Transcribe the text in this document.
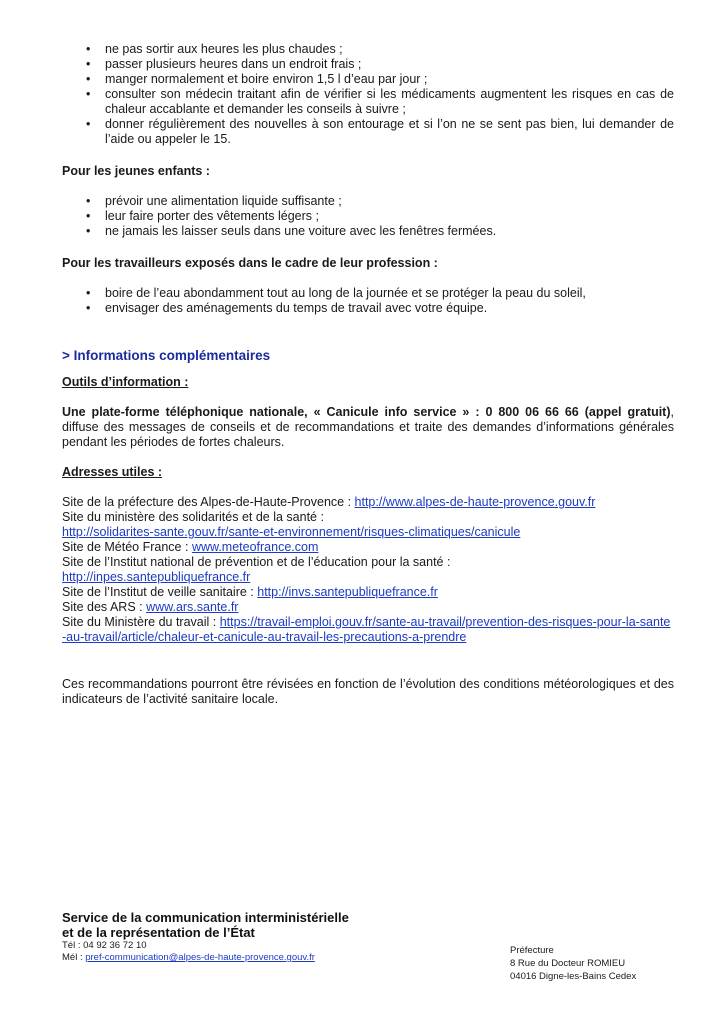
• ne pas sortir aux heures les plus chaudes ;
• passer plusieurs heures dans un endroit frais ;
• manger normalement et boire environ 1,5 l d’eau par jour ;
• consulter son médecin traitant afin de vérifier si les médicaments augmentent les risques en cas de chaleur accablante et demander les conseils à suivre ;
• donner régulièrement des nouvelles à son entourage et si l’on ne se sent pas bien, lui demander de l’aide ou appeler le 15.
Pour les jeunes enfants :
• prévoir une alimentation liquide suffisante ;
• leur faire porter des vêtements légers ;
• ne jamais les laisser seuls dans une voiture avec les fenêtres fermées.
Pour les travailleurs exposés dans le cadre de leur profession :
• boire de l’eau abondamment tout au long de la journée et se protéger la peau du soleil,
• envisager des aménagements du temps de travail avec votre équipe.
> Informations complémentaires
Outils d’information :
Une plate-forme téléphonique nationale, « Canicule info service » : 0 800 06 66 66 (appel gratuit), diffuse des messages de conseils et de recommandations et traite des demandes d’informations générales pendant les périodes de fortes chaleurs.
Adresses utiles :
Site de la préfecture des Alpes-de-Haute-Provence : http://www.alpes-de-haute-provence.gouv.fr
Site du ministère des solidarités et de la santé :
http://solidarites-sante.gouv.fr/sante-et-environnement/risques-climatiques/canicule
Site de Météo France : www.meteofrance.com
Site de l’Institut national de prévention et de l’éducation pour la santé :
http://inpes.santepubliquefrance.fr
Site de l’Institut de veille sanitaire : http://invs.santepubliquefrance.fr
Site des ARS : www.ars.sante.fr
Site du Ministère du travail : https://travail-emploi.gouv.fr/sante-au-travail/prevention-des-risques-pour-la-sante-au-travail/article/chaleur-et-canicule-au-travail-les-precautions-a-prendre
Ces recommandations pourront être révisées en fonction de l’évolution des conditions météorologiques et des indicateurs de l’activité sanitaire locale.
Service de la communication interministérielle
et de la représentation de l’État
Tél : 04 92 36 72 10
Mél : pref-communication@alpes-de-haute-provence.gouv.fr
Préfecture
8 Rue du Docteur ROMIEU
04016 Digne-les-Bains Cedex
